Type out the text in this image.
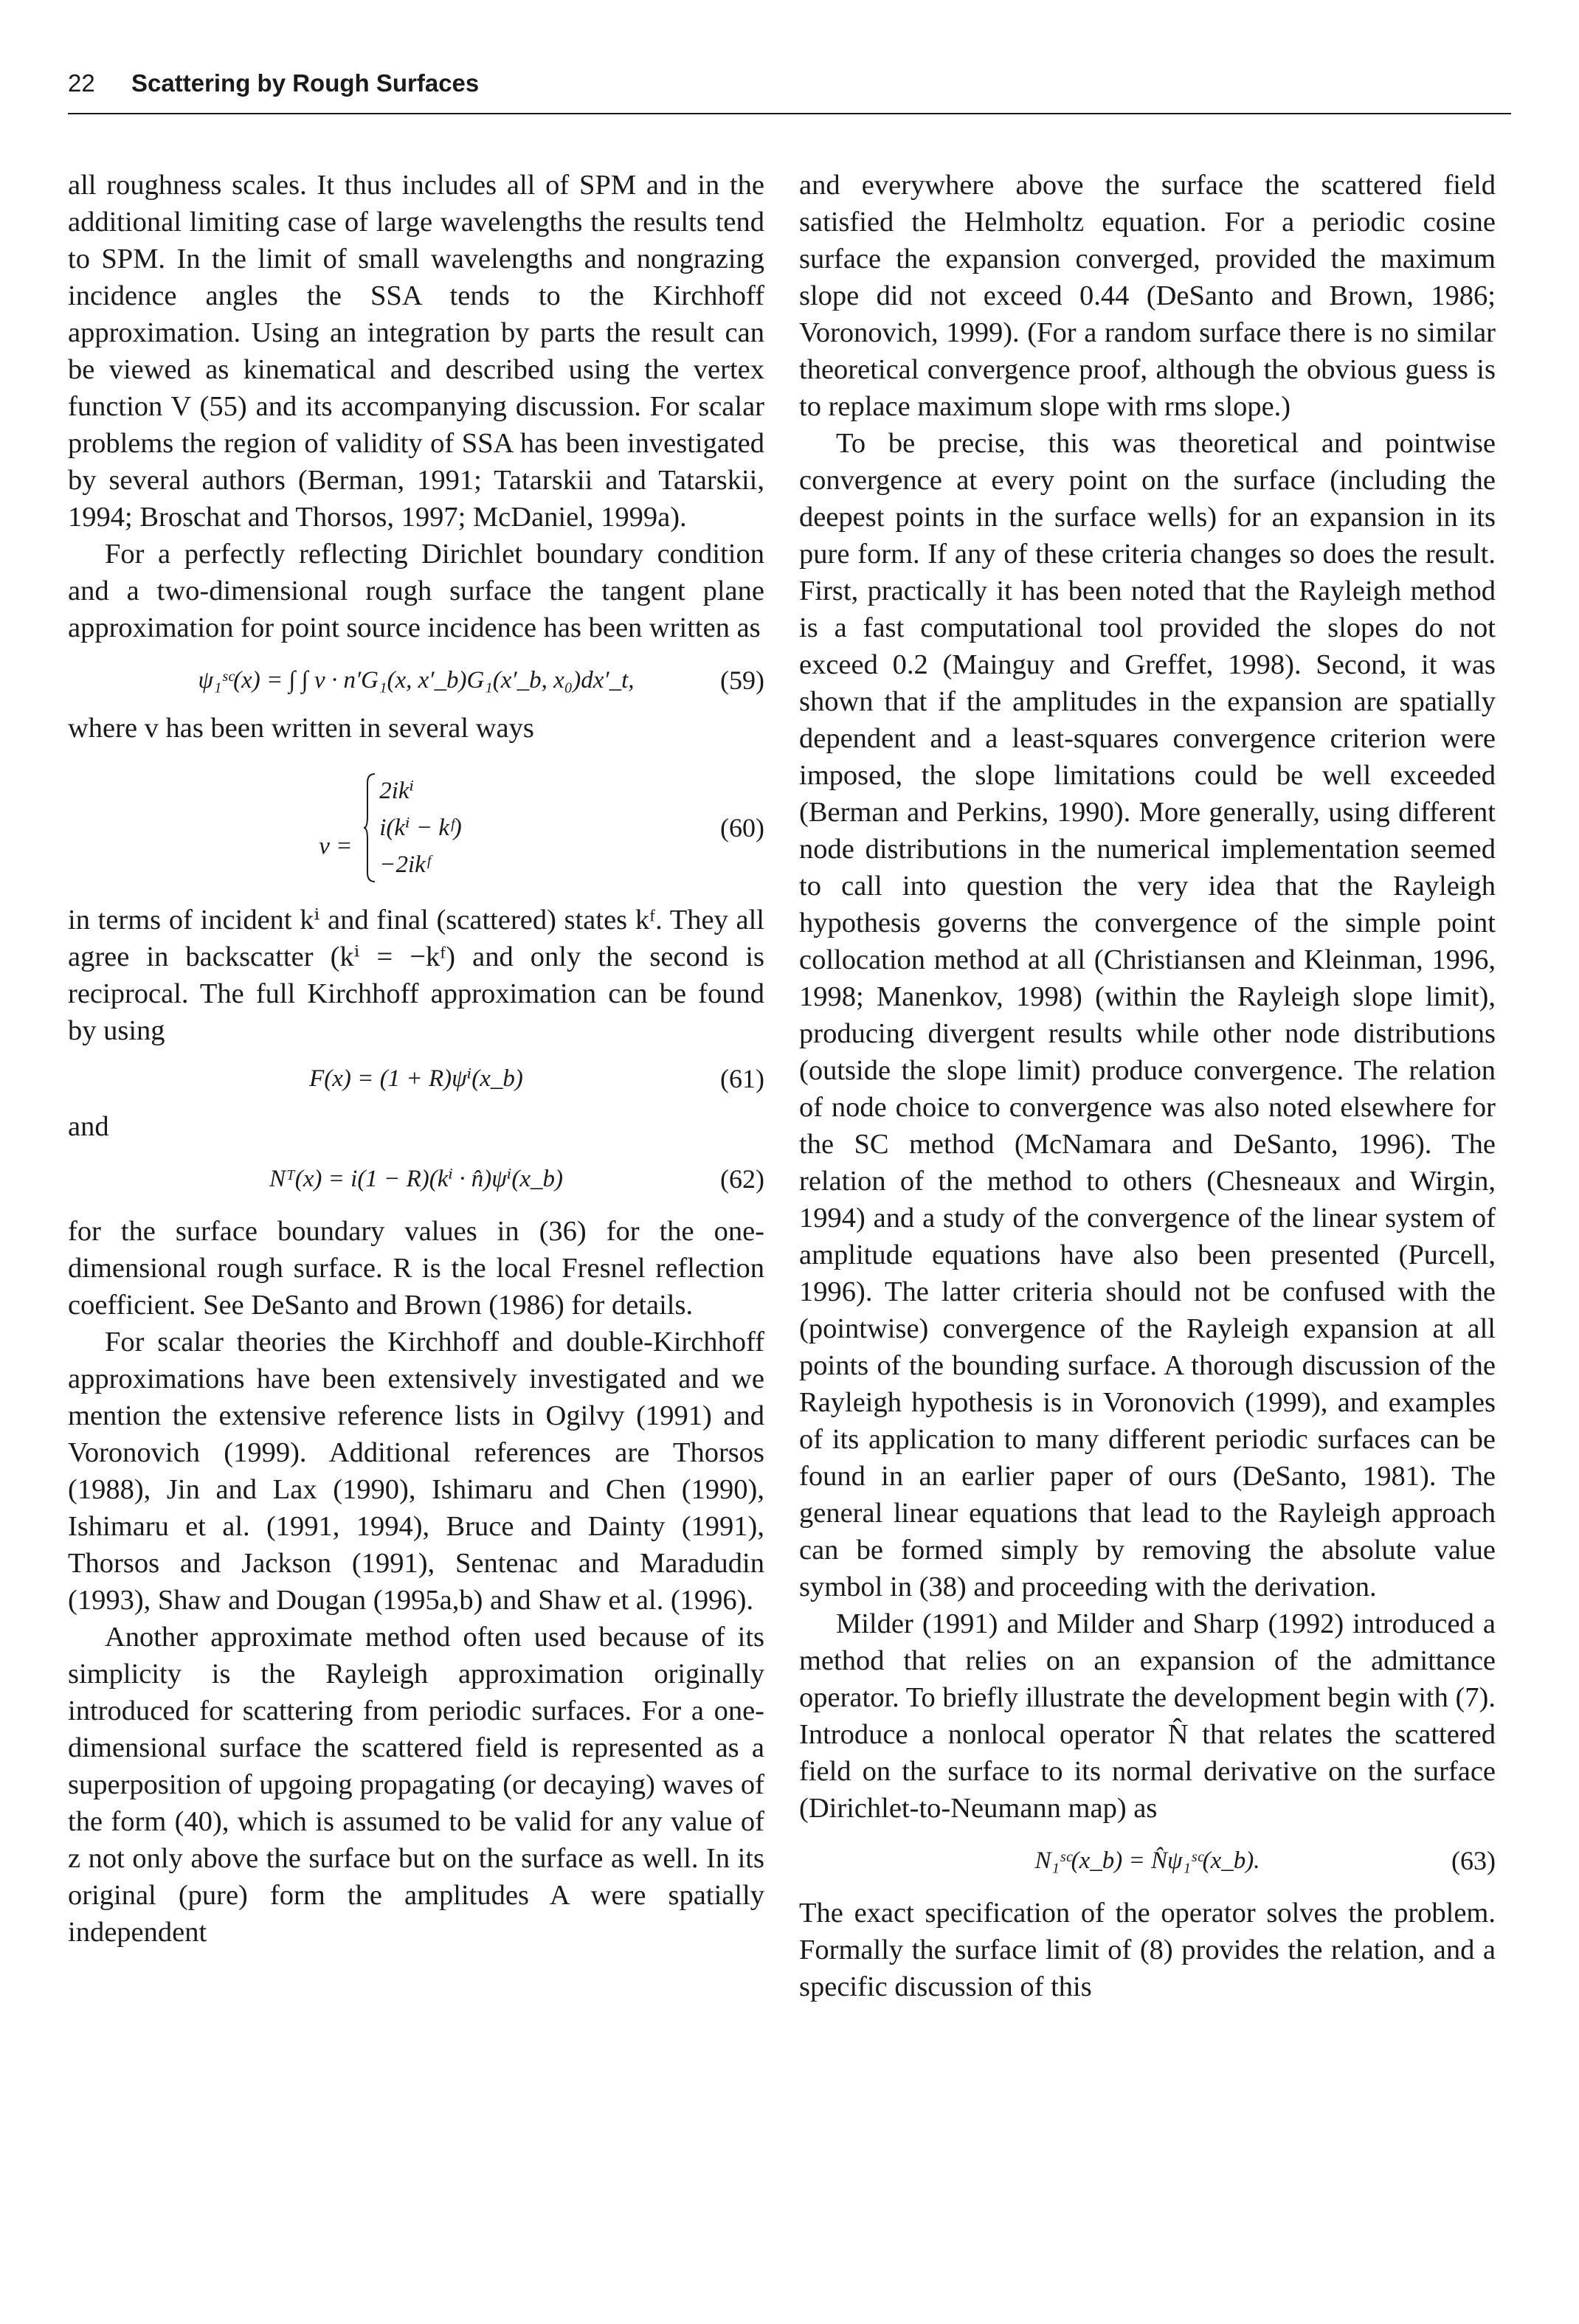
22 Scattering by Rough Surfaces

all roughness scales. It thus includes all of SPM and in the additional limiting case of large wavelengths the results tend to SPM. In the limit of small wavelengths and nongrazing incidence angles the SSA tends to the Kirchhoff approximation. Using an integration by parts the result can be viewed as kinematical and described using the vertex function V (55) and its accompanying discussion. For scalar problems the region of validity of SSA has been investigated by several authors (Berman, 1991; Tatarskii and Tatarskii, 1994; Broschat and Thorsos, 1997; McDaniel, 1999a).

For a perfectly reflecting Dirichlet boundary condition and a two-dimensional rough surface the tangent plane approximation for point source incidence has been written as

ψ₁ˢᶜ(x) = ∫ ∫ v · n′G₁(x, x′_b)G₁(x′_b, x₀)dx′_t,	(59)

where v has been written in several ways

v =
2ikⁱ
i(kⁱ − kᶠ)
−2ikᶠ
(60)

in terms of incident kⁱ and final (scattered) states kᶠ. They all agree in backscatter (kⁱ = −kᶠ) and only the second is reciprocal. The full Kirchhoff approximation can be found by using

F(x) = (1 + R)ψⁱ(x_b)	(61)

and

Nᵀ(x) = i(1 − R)(kⁱ · n̂)ψⁱ(x_b)	(62)

for the surface boundary values in (36) for the one-dimensional rough surface. R is the local Fresnel reflection coefficient. See DeSanto and Brown (1986) for details.

For scalar theories the Kirchhoff and double-Kirchhoff approximations have been extensively investigated and we mention the extensive reference lists in Ogilvy (1991) and Voronovich (1999). Additional references are Thorsos (1988), Jin and Lax (1990), Ishimaru and Chen (1990), Ishimaru et al. (1991, 1994), Bruce and Dainty (1991), Thorsos and Jackson (1991), Sentenac and Maradudin (1993), Shaw and Dougan (1995a,b) and Shaw et al. (1996).

Another approximate method often used because of its simplicity is the Rayleigh approximation originally introduced for scattering from periodic surfaces. For a one-dimensional surface the scattered field is represented as a superposition of upgoing propagating (or decaying) waves of the form (40), which is assumed to be valid for any value of z not only above the surface but on the surface as well. In its original (pure) form the amplitudes A were spatially independent

and everywhere above the surface the scattered field satisfied the Helmholtz equation. For a periodic cosine surface the expansion converged, provided the maximum slope did not exceed 0.44 (DeSanto and Brown, 1986; Voronovich, 1999). (For a random surface there is no similar theoretical convergence proof, although the obvious guess is to replace maximum slope with rms slope.)

To be precise, this was theoretical and pointwise convergence at every point on the surface (including the deepest points in the surface wells) for an expansion in its pure form. If any of these criteria changes so does the result. First, practically it has been noted that the Rayleigh method is a fast computational tool provided the slopes do not exceed 0.2 (Mainguy and Greffet, 1998). Second, it was shown that if the amplitudes in the expansion are spatially dependent and a least-squares convergence criterion were imposed, the slope limitations could be well exceeded (Berman and Perkins, 1990). More generally, using different node distributions in the numerical implementation seemed to call into question the very idea that the Rayleigh hypothesis governs the convergence of the simple point collocation method at all (Christiansen and Kleinman, 1996, 1998; Manenkov, 1998) (within the Rayleigh slope limit), producing divergent results while other node distributions (outside the slope limit) produce convergence. The relation of node choice to convergence was also noted elsewhere for the SC method (McNamara and DeSanto, 1996). The relation of the method to others (Chesneaux and Wirgin, 1994) and a study of the convergence of the linear system of amplitude equations have also been presented (Purcell, 1996). The latter criteria should not be confused with the (pointwise) convergence of the Rayleigh expansion at all points of the bounding surface. A thorough discussion of the Rayleigh hypothesis is in Voronovich (1999), and examples of its application to many different periodic surfaces can be found in an earlier paper of ours (DeSanto, 1981). The general linear equations that lead to the Rayleigh approach can be formed simply by removing the absolute value symbol in (38) and proceeding with the derivation.

Milder (1991) and Milder and Sharp (1992) introduced a method that relies on an expansion of the admittance operator. To briefly illustrate the development begin with (7). Introduce a nonlocal operator N̂ that relates the scattered field on the surface to its normal derivative on the surface (Dirichlet-to-Neumann map) as

N₁ˢᶜ(x_b) = N̂ψ₁ˢᶜ(x_b).	(63)

The exact specification of the operator solves the problem. Formally the surface limit of (8) provides the relation, and a specific discussion of this
